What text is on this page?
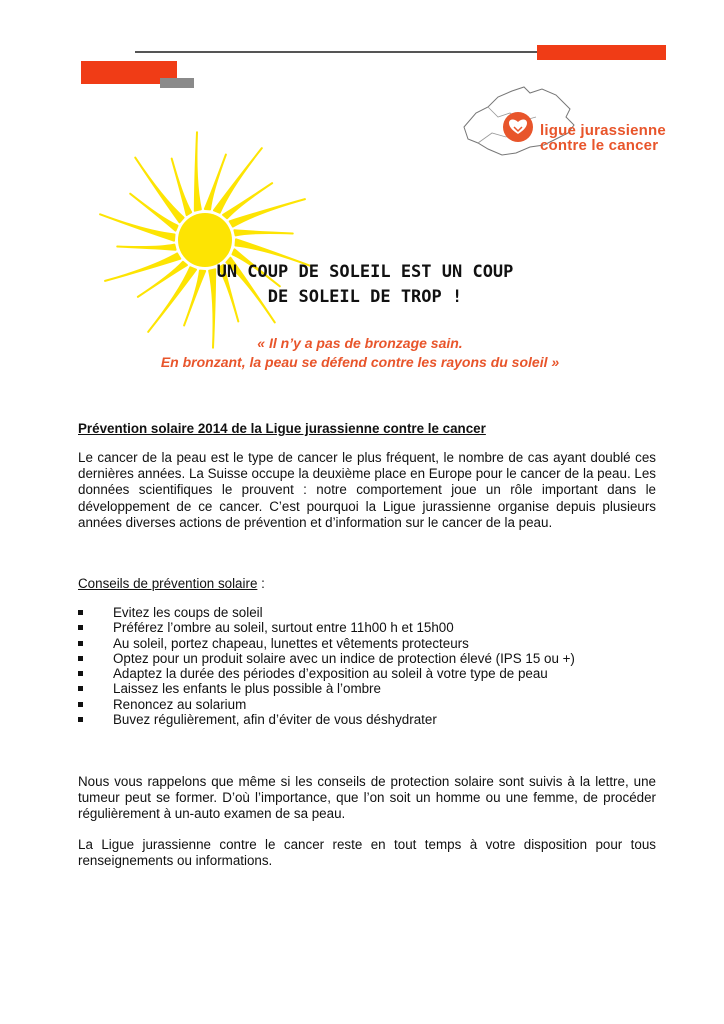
ligue jurassienne
contre le cancer
UN COUP DE SOLEIL EST UN COUP
DE SOLEIL DE TROP !
« Il n’y a pas de bronzage sain.
En bronzant, la peau se défend contre les rayons du soleil »
Prévention solaire 2014 de la Ligue jurassienne contre le cancer
Le cancer de la peau est le type de cancer le plus fréquent, le nombre de cas ayant doublé ces dernières années. La Suisse occupe la deuxième place en Europe pour le cancer de la peau. Les données scientifiques le prouvent : notre comportement joue un rôle important dans le développement de ce cancer. C’est pourquoi la Ligue jurassienne organise depuis plusieurs années diverses actions de prévention et d’information sur le cancer de la peau.
Conseils de prévention solaire :
Evitez les coups de soleil
Préférez l’ombre au soleil, surtout entre 11h00 h et 15h00
Au soleil, portez chapeau, lunettes et vêtements protecteurs
Optez pour un produit solaire avec un indice de protection élevé (IPS 15 ou +)
Adaptez la durée des périodes d’exposition au soleil à votre type de peau
Laissez les enfants le plus possible à l’ombre
Renoncez au solarium
Buvez régulièrement, afin d’éviter de vous déshydrater
Nous vous rappelons que même si les conseils de protection solaire sont suivis à la lettre, une tumeur peut se former. D’où l’importance, que l’on soit un homme ou une femme, de procéder régulièrement à un-auto examen de sa peau.
La Ligue jurassienne contre le cancer reste en tout temps à votre disposition pour tous renseignements ou informations.
